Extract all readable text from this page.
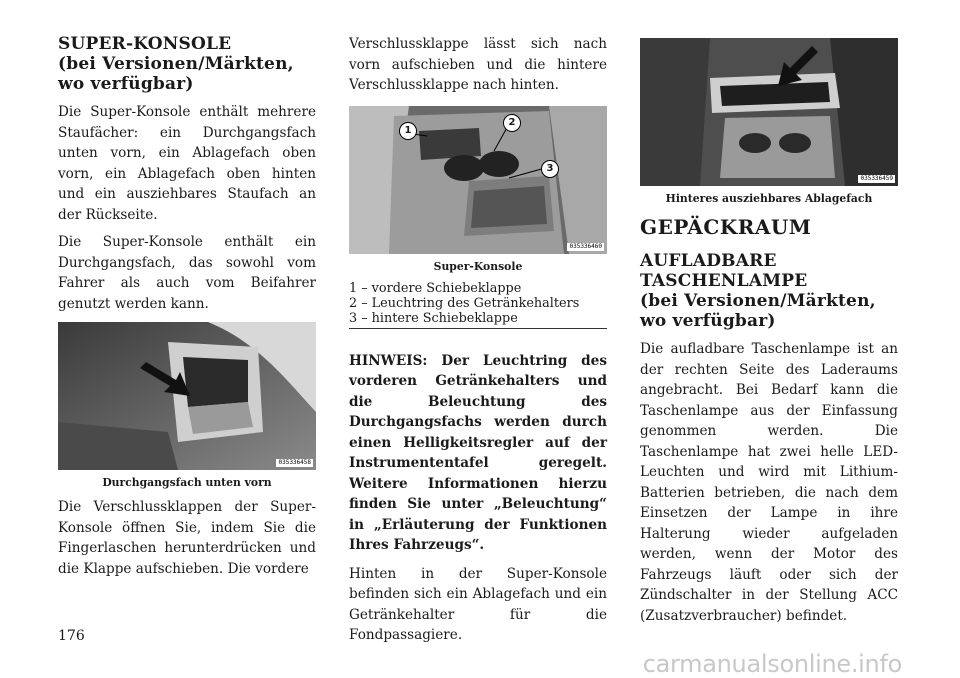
SUPER-KONSOLE
(bei Versionen/Märkten,
wo verfügbar)

Die Super-Konsole enthält mehrere Staufächer: ein Durchgangsfach unten vorn, ein Ablagefach oben vorn, ein Ablagefach oben hinten und ein ausziehbares Staufach an der Rückseite.

Die Super-Konsole enthält ein Durchgangsfach, das sowohl vom Fahrer als auch vom Beifahrer genutzt werden kann.

035336458
Durchgangsfach unten vorn

Die Verschlussklappen der Super-Konsole öffnen Sie, indem Sie die Fingerlaschen herunterdrücken und die Klappe aufschieben. Die vordere

Verschlussklappe lässt sich nach vorn aufschieben und die hintere Verschlussklappe nach hinten.

1
2
3
035336460
Super-Konsole
1 – vordere Schiebeklappe
2 – Leuchtring des Getränkehalters
3 – hintere Schiebeklappe
HINWEIS: Der Leuchtring des vorderen Getränkehalters und die Beleuchtung des Durchgangsfachs werden durch einen Helligkeitsregler auf der Instrumententafel geregelt. Weitere Informationen hierzu finden Sie unter „Beleuchtung“ in „Erläuterung der Funktionen Ihres Fahrzeugs“.

Hinten in der Super-Konsole befinden sich ein Ablagefach und ein Getränkehalter für die Fondpassagiere.

035336459
Hinteres ausziehbares Ablagefach
GEPÄCKRAUM
AUFLADBARE
TASCHENLAMPE
(bei Versionen/Märkten,
wo verfügbar)

Die aufladbare Taschenlampe ist an der rechten Seite des Laderaums angebracht. Bei Bedarf kann die Taschenlampe aus der Einfassung genommen werden. Die Taschenlampe hat zwei helle LED-Leuchten und wird mit Lithium-Batterien betrieben, die nach dem Einsetzen der Lampe in ihre Halterung wieder aufgeladen werden, wenn der Motor des Fahrzeugs läuft oder sich der Zündschalter in der Stellung ACC (Zusatzverbraucher) befindet.

176
carmanualsonline.info
